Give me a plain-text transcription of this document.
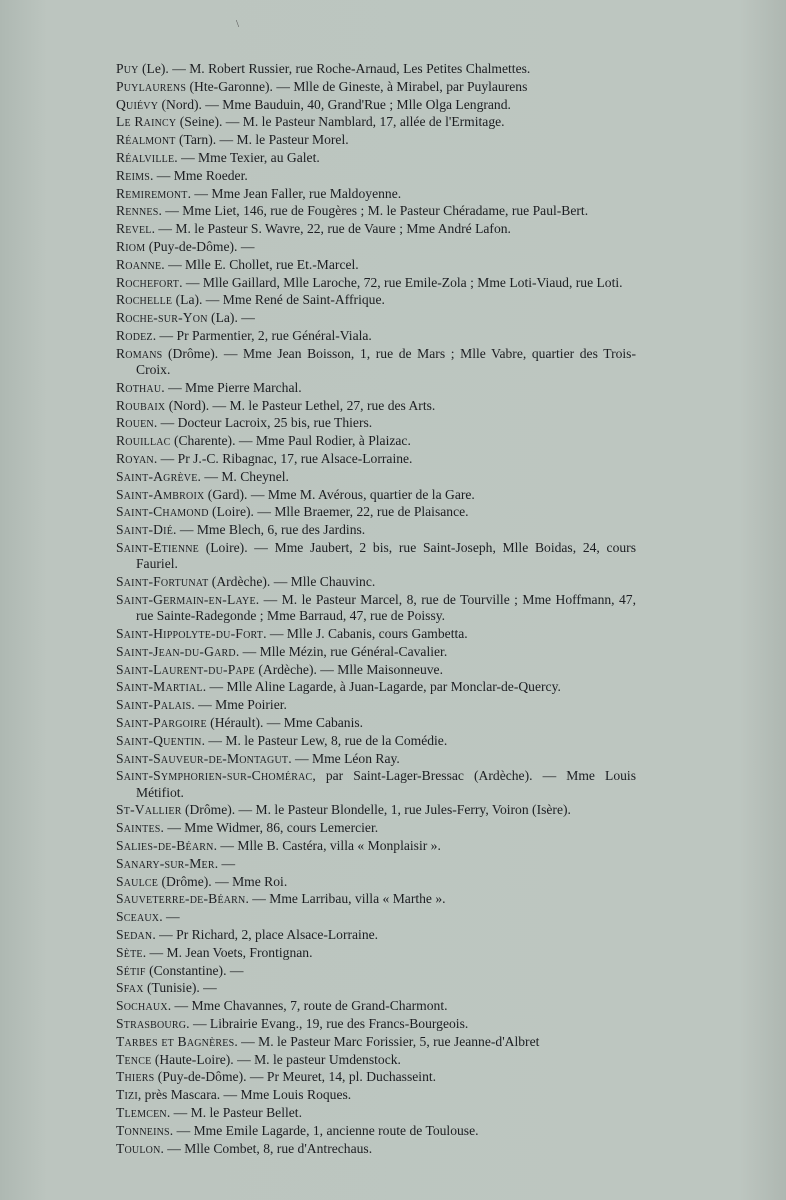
\
Puy (Le). — M. Robert Russier, rue Roche-Arnaud, Les Petites Chalmettes.
Puylaurens (Hte-Garonne). — Mlle de Gineste, à Mirabel, par Puylaurens
Quiévy (Nord). — Mme Bauduin, 40, Grand'Rue ; Mlle Olga Lengrand.
Le Raincy (Seine). — M. le Pasteur Namblard, 17, allée de l'Ermitage.
Réalmont (Tarn). — M. le Pasteur Morel.
Réalville. — Mme Texier, au Galet.
Reims. — Mme Roeder.
Remiremont. — Mme Jean Faller, rue Maldoyenne.
Rennes. — Mme Liet, 146, rue de Fougères ; M. le Pasteur Chéradame, rue Paul-Bert.
Revel. — M. le Pasteur S. Wavre, 22, rue de Vaure ; Mme André Lafon.
Riom (Puy-de-Dôme). —
Roanne. — Mlle E. Chollet, rue Et.-Marcel.
Rochefort. — Mlle Gaillard, Mlle Laroche, 72, rue Emile-Zola ; Mme Loti-Viaud, rue Loti.
Rochelle (La). — Mme René de Saint-Affrique.
Roche-sur-Yon (La). —
Rodez. — Pr Parmentier, 2, rue Général-Viala.
Romans (Drôme). — Mme Jean Boisson, 1, rue de Mars ; Mlle Vabre, quartier des Trois-Croix.
Rothau. — Mme Pierre Marchal.
Roubaix (Nord). — M. le Pasteur Lethel, 27, rue des Arts.
Rouen. — Docteur Lacroix, 25 bis, rue Thiers.
Rouillac (Charente). — Mme Paul Rodier, à Plaizac.
Royan. — Pr J.-C. Ribagnac, 17, rue Alsace-Lorraine.
Saint-Agrève. — M. Cheynel.
Saint-Ambroix (Gard). — Mme M. Avérous, quartier de la Gare.
Saint-Chamond (Loire). — Mlle Braemer, 22, rue de Plaisance.
Saint-Dié. — Mme Blech, 6, rue des Jardins.
Saint-Etienne (Loire). — Mme Jaubert, 2 bis, rue Saint-Joseph, Mlle Boidas, 24, cours Fauriel.
Saint-Fortunat (Ardèche). — Mlle Chauvinc.
Saint-Germain-en-Laye. — M. le Pasteur Marcel, 8, rue de Tourville ; Mme Hoffmann, 47, rue Sainte-Radegonde ; Mme Barraud, 47, rue de Poissy.
Saint-Hippolyte-du-Fort. — Mlle J. Cabanis, cours Gambetta.
Saint-Jean-du-Gard. — Mlle Mézin, rue Général-Cavalier.
Saint-Laurent-du-Pape (Ardèche). — Mlle Maisonneuve.
Saint-Martial. — Mlle Aline Lagarde, à Juan-Lagarde, par Monclar-de-Quercy.
Saint-Palais. — Mme Poirier.
Saint-Pargoire (Hérault). — Mme Cabanis.
Saint-Quentin. — M. le Pasteur Lew, 8, rue de la Comédie.
Saint-Sauveur-de-Montagut. — Mme Léon Ray.
Saint-Symphorien-sur-Chomérac, par Saint-Lager-Bressac (Ardèche). — Mme Louis Métifiot.
St-Vallier (Drôme). — M. le Pasteur Blondelle, 1, rue Jules-Ferry, Voiron (Isère).
Saintes. — Mme Widmer, 86, cours Lemercier.
Salies-de-Béarn. — Mlle B. Castéra, villa « Monplaisir ».
Sanary-sur-Mer. —
Saulce (Drôme). — Mme Roi.
Sauveterre-de-Béarn. — Mme Larribau, villa « Marthe ».
Sceaux. —
Sedan. — Pr Richard, 2, place Alsace-Lorraine.
Sète. — M. Jean Voets, Frontignan.
Sétif (Constantine). —
Sfax (Tunisie). —
Sochaux. — Mme Chavannes, 7, route de Grand-Charmont.
Strasbourg. — Librairie Evang., 19, rue des Francs-Bourgeois.
Tarbes et Bagnères. — M. le Pasteur Marc Forissier, 5, rue Jeanne-d'Albret
Tence (Haute-Loire). — M. le pasteur Umdenstock.
Thiers (Puy-de-Dôme). — Pr Meuret, 14, pl. Duchasseint.
Tizi, près Mascara. — Mme Louis Roques.
Tlemcen. — M. le Pasteur Bellet.
Tonneins. — Mme Emile Lagarde, 1, ancienne route de Toulouse.
Toulon. — Mlle Combet, 8, rue d'Antrechaus.
